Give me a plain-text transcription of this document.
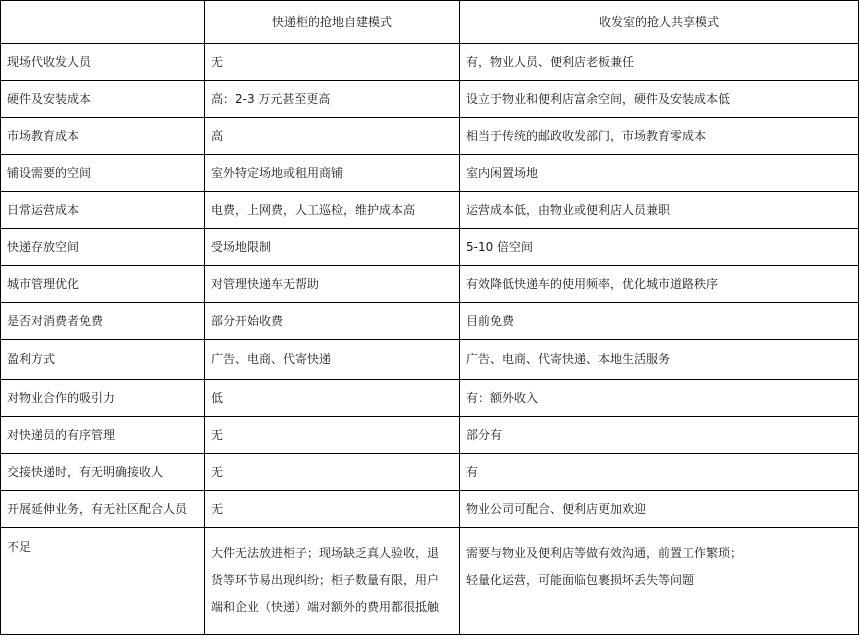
	快递柜的抢地自建模式	收发室的抢人共享模式
现场代收发人员	无	有，物业人员、便利店老板兼任
硬件及安装成本	高：2-3 万元甚至更高	设立于物业和便利店富余空间，硬件及安装成本低
市场教育成本	高	相当于传统的邮政收发部门，市场教育零成本
铺设需要的空间	室外特定场地或租用商铺	室内闲置场地
日常运营成本	电费，上网费，人工巡检，维护成本高	运营成本低，由物业或便利店人员兼职
快递存放空间	受场地限制	5-10 倍空间
城市管理优化	对管理快递车无帮助	有效降低快递车的使用频率，优化城市道路秩序
是否对消费者免费	部分开始收费	目前免费
盈利方式	广告、电商、代寄快递	广告、电商、代寄快递、本地生活服务
对物业合作的吸引力	低	有：额外收入
对快递员的有序管理	无	部分有
交接快递时，有无明确接收人	无	有
开展延伸业务，有无社区配合人员	无	物业公司可配合、便利店更加欢迎
不足	大件无法放进柜子；现场缺乏真人验收，退
货等环节易出现纠纷；柜子数量有限，用户
端和企业（快递）端对额外的费用都很抵触	需要与物业及便利店等做有效沟通，前置工作繁琐；
轻量化运营，可能面临包裹损坏丢失等问题
